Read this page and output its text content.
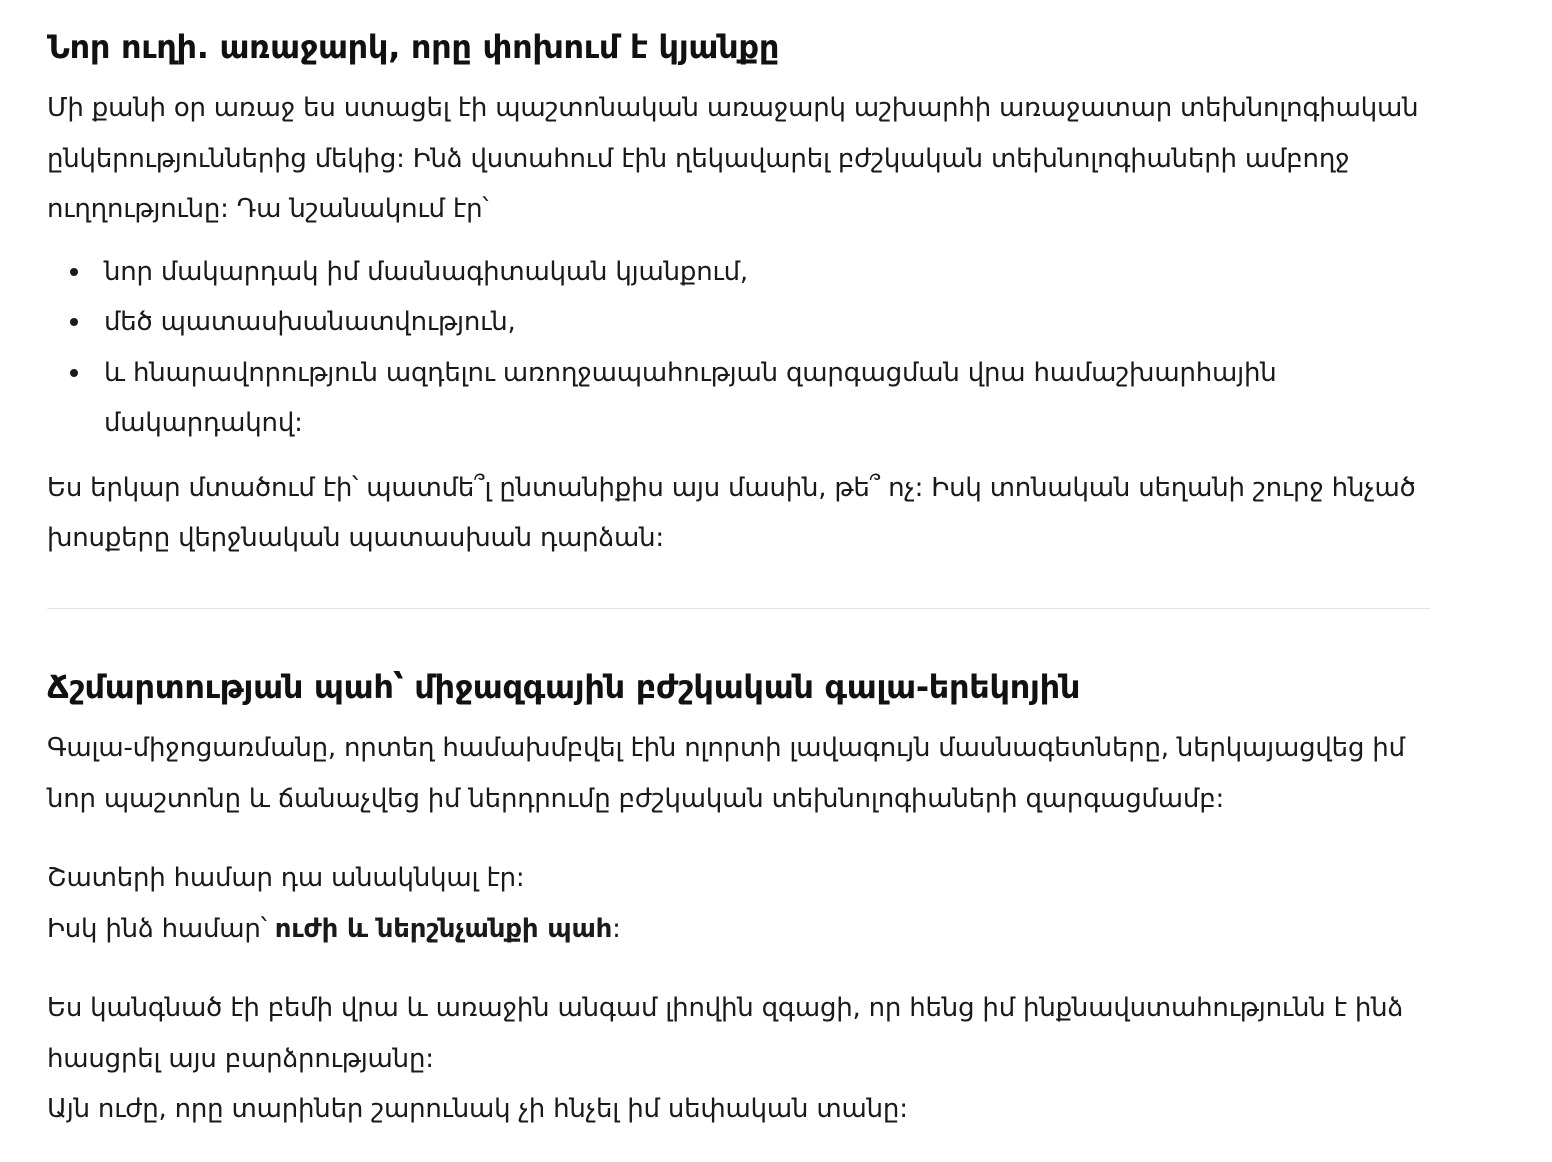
Նոր ուղի. առաջարկ, որը փոխում է կյանքը

Մի քանի օր առաջ ես ստացել էի պաշտոնական առաջարկ աշխարհի առաջատար տեխնոլոգիական
ընկերություններից մեկից: Ինձ վստահում էին ղեկավարել բժշկական տեխնոլոգիաների ամբողջ
ուղղությունը: Դա նշանակում էր՝

նոր մակարդակ իմ մասնագիտական կյանքում,
մեծ պատասխանատվություն,
և հնարավորություն ազդելու առողջապահության զարգացման վրա համաշխարհային
մակարդակով:

Ես երկար մտածում էի՝ պատմե՞լ ընտանիքիս այս մասին, թե՞ ոչ: Իսկ տոնական սեղանի շուրջ հնչած
խոսքերը վերջնական պատասխան դարձան:

Ճշմարտության պահ՝ միջազգային բժշկական գալա-երեկոյին

Գալա-միջոցառմանը, որտեղ համախմբվել էին ոլորտի լավագույն մասնագետները, ներկայացվեց իմ
նոր պաշտոնը և ճանաչվեց իմ ներդրումը բժշկական տեխնոլոգիաների զարգացմամբ:

Շատերի համար դա անակնկալ էր:
Իսկ ինձ համար՝ ուժի և ներշնչանքի պահ:

Ես կանգնած էի բեմի վրա և առաջին անգամ լիովին զգացի, որ հենց իմ ինքնավստահությունն է ինձ
հասցրել այս բարձրությանը:
Այն ուժը, որը տարիներ շարունակ չի հնչել իմ սեփական տանը:
